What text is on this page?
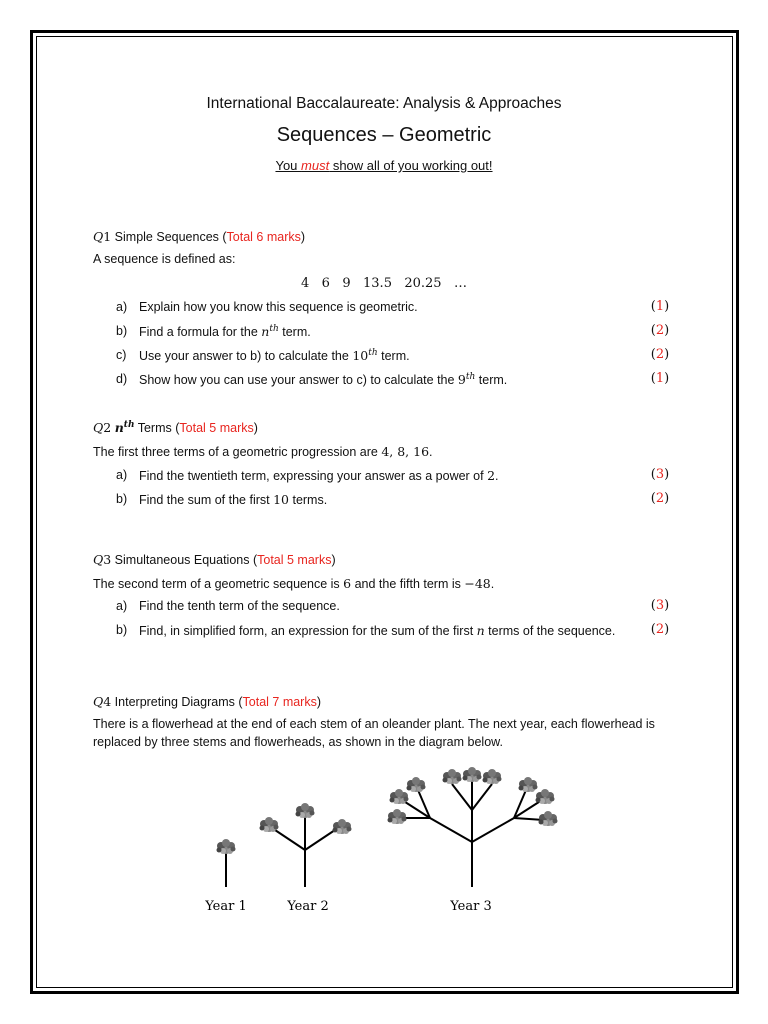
International Baccalaureate: Analysis & Approaches
Sequences – Geometric
You must show all of you working out!
Q1 Simple Sequences (Total 6 marks)
A sequence is defined as:
4   6   9   13.5   20.25   …
a) Explain how you know this sequence is geometric.	(1)
b) Find a formula for the $n^{th}$ term.	(2)
c) Use your answer to b) to calculate the 10th term.	(2)
d) Show how you can use your answer to c) to calculate the 9th term.	(1)
Q2 $n^{th}$ Terms (Total 5 marks)
The first three terms of a geometric progression are 4, 8, 16.
a) Find the twentieth term, expressing your answer as a power of 2.	(3)
b) Find the sum of the first 10 terms.	(2)
Q3 Simultaneous Equations (Total 5 marks)
The second term of a geometric sequence is 6 and the fifth term is −48.
a) Find the tenth term of the sequence.	(3)
b) Find, in simplified form, an expression for the sum of the first n terms of the sequence.	(2)
Q4 Interpreting Diagrams (Total 7 marks)
There is a flowerhead at the end of each stem of an oleander plant. The next year, each flowerhead is
replaced by three stems and flowerheads, as shown in the diagram below.
Year 1	Year 2	Year 3
